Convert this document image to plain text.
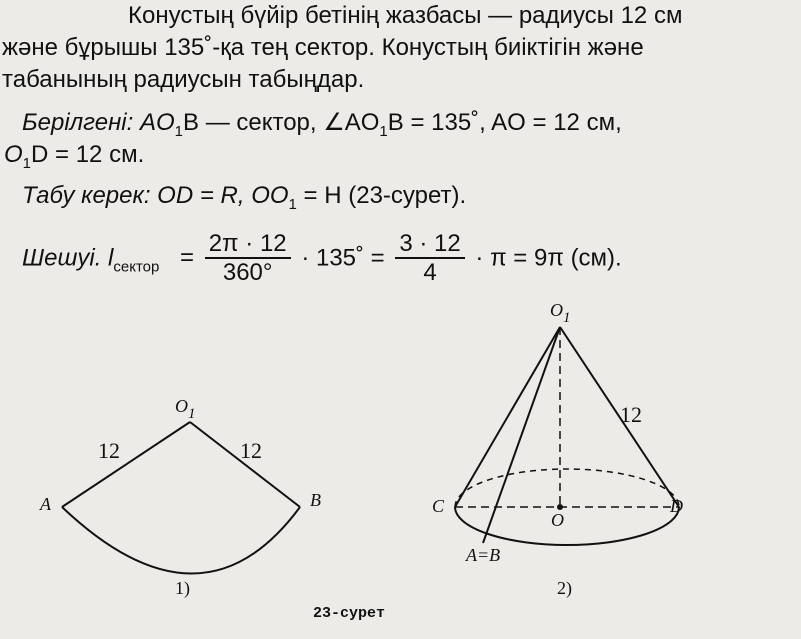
Конустың бүйір бетінің жазбасы — радиусы 12 см
және бұрышы 135˚-қа тең сектор. Конустың биіктігін және
табанының радиусын табыңдар.
Берілгені: $AO_1B$ — сектор, $\angle AO_1B$ = 135˚, AO = 12 см,
$O_1D = 12$ см.
Табу керек: OD = R, $OO_1 = H$ (23-сурет).
Шешуі. $l_{сектор} = \frac{2\pi \cdot 12}{360^\circ}$ · 135˚ = $\frac{3 \cdot 12}{4} \cdot \pi = 9\pi$ (см).
$O_1$
A	B
12	12
1)
$O_1$
C
O
D
A=B
12
2)
23-сурет
